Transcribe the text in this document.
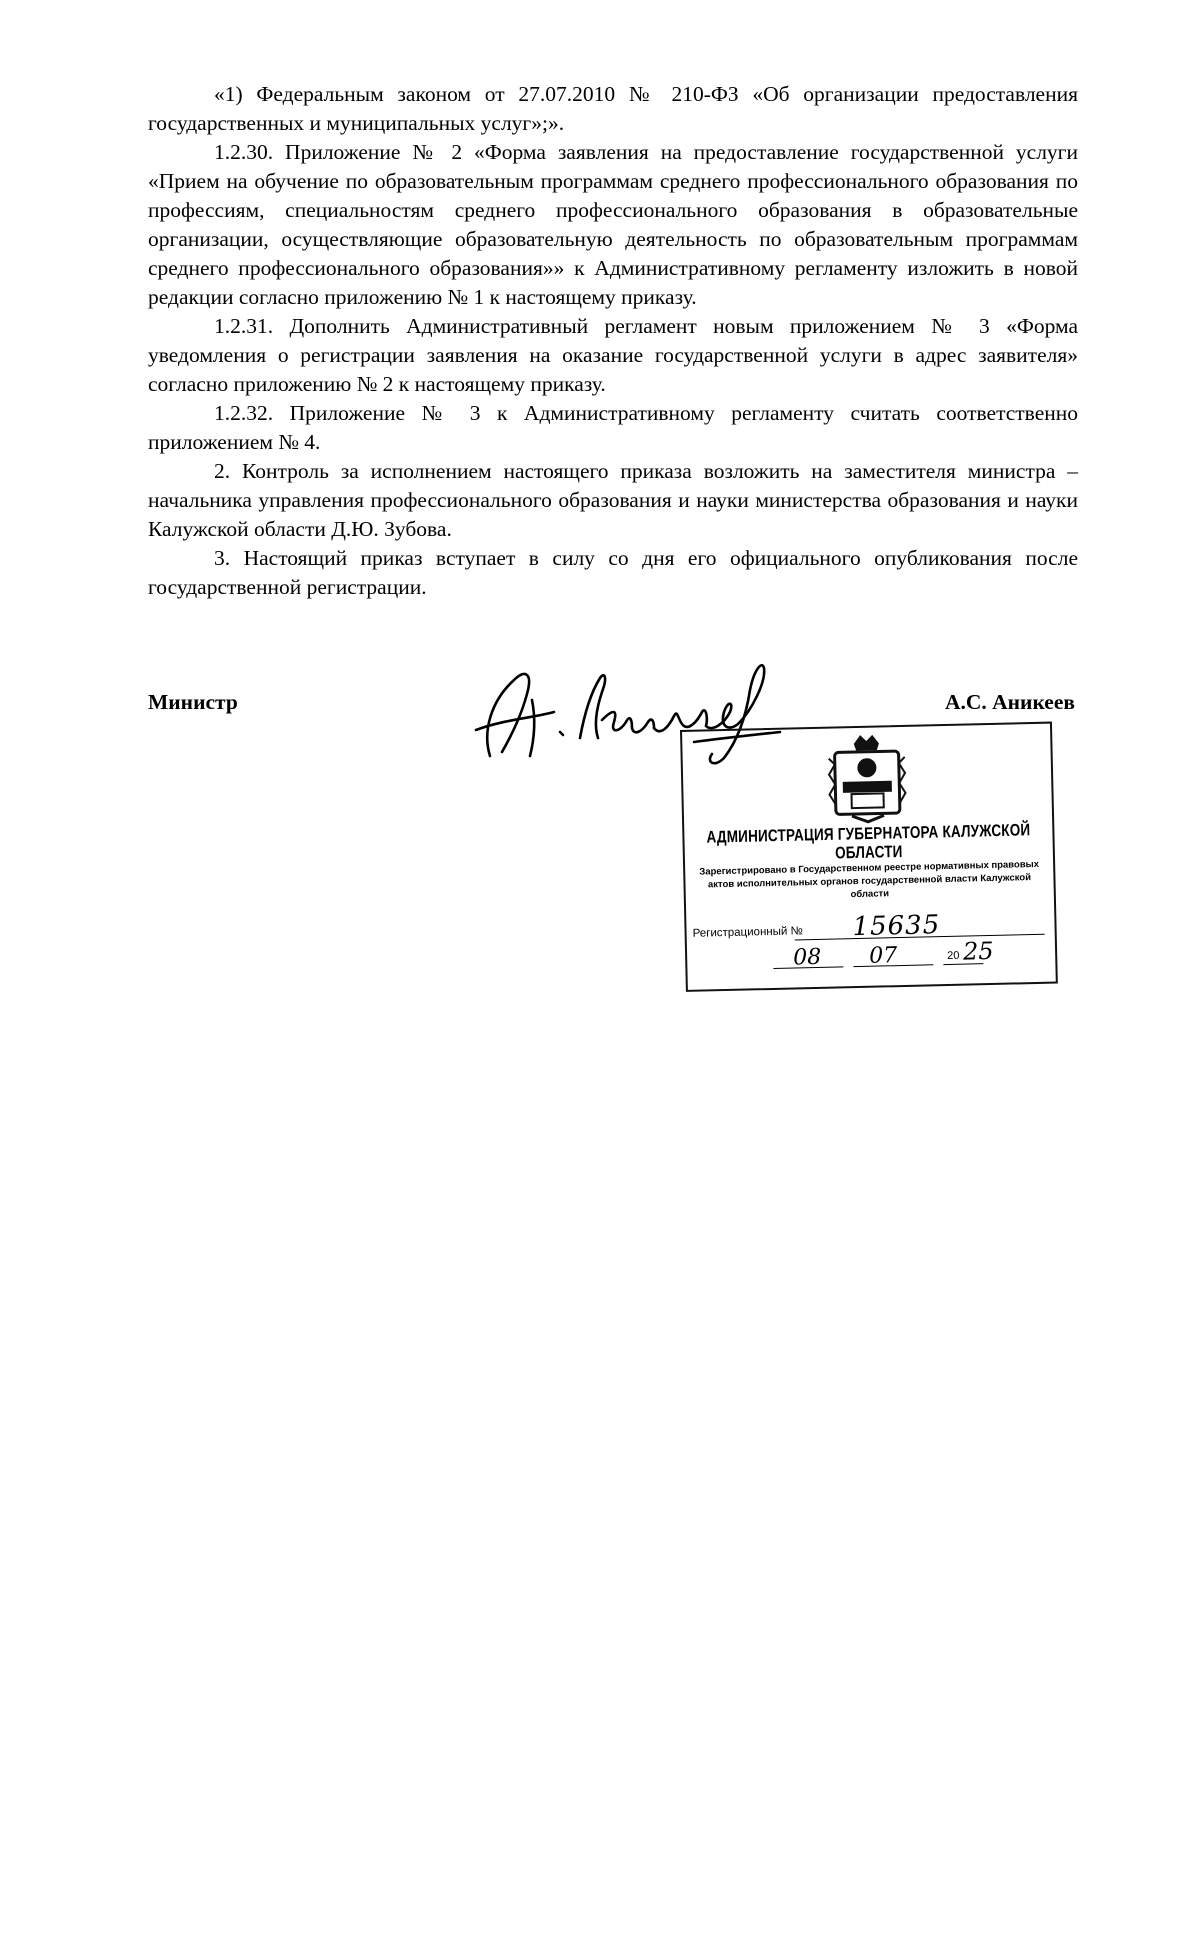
«1) Федеральным законом от 27.07.2010 № 210-ФЗ «Об организации предоставления государственных и муниципальных услуг»;».

1.2.30. Приложение № 2 «Форма заявления на предоставление государственной услуги «Прием на обучение по образовательным программам среднего профессионального образования по профессиям, специальностям среднего профессионального образования в образовательные организации, осуществляющие образовательную деятельность по образовательным программам среднего профессионального образования»» к Административному регламенту изложить в новой редакции согласно приложению № 1 к настоящему приказу.

1.2.31. Дополнить Административный регламент новым приложением № 3 «Форма уведомления о регистрации заявления на оказание государственной услуги в адрес заявителя» согласно приложению № 2 к настоящему приказу.

1.2.32. Приложение № 3 к Административному регламенту считать соответственно приложением № 4.

2. Контроль за исполнением настоящего приказа возложить на заместителя министра – начальника управления профессионального образования и науки министерства образования и науки Калужской области Д.Ю. Зубова.

3. Настоящий приказ вступает в силу со дня его официального опубликования после государственной регистрации.

Министр	А.С. Аникеев
АДМИНИСТРАЦИЯ ГУБЕРНАТОРА КАЛУЖСКОЙ ОБЛАСТИ
Зарегистрировано в Государственном реестре нормативных правовых актов исполнительных органов государственной власти Калужской области
Регистрационный № 15635
08 07	20 25
